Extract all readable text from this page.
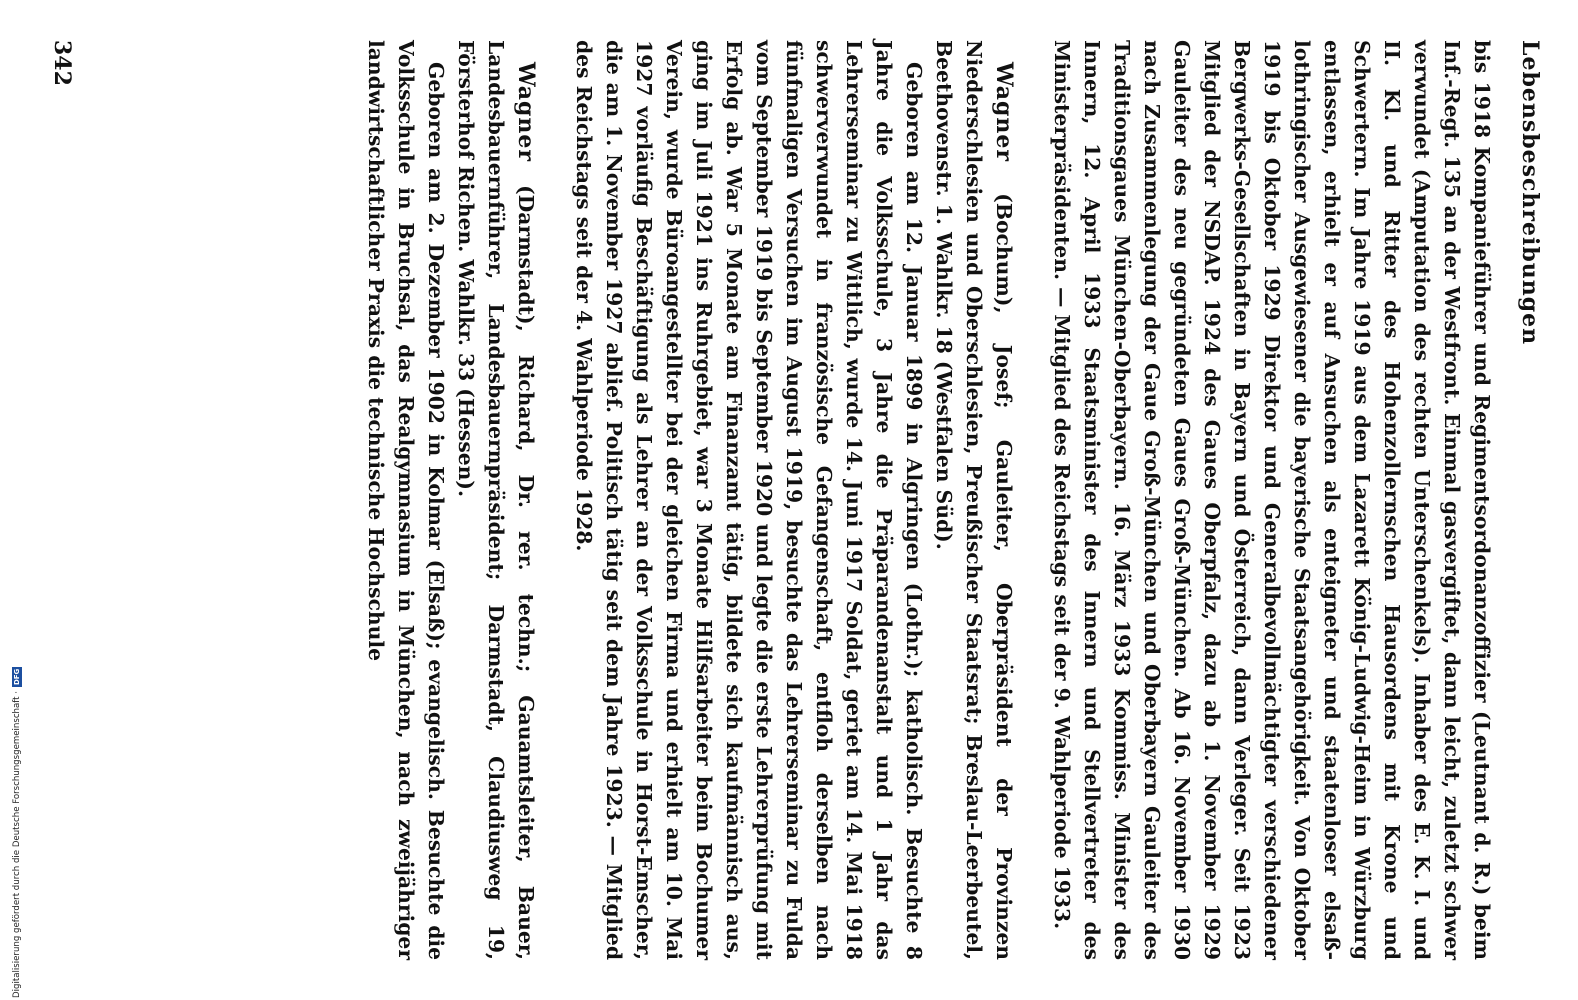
Lebensbeschreibungen

bis 1918 Kompanieführer und Regimentsordonanzoffizier (Leutnant d. R.) beim Inf.-Regt. 135 an der Westfront. Einmal gasvergiftet, dann leicht, zuletzt schwer verwundet (Amputation des rechten Unterschenkels). Inhaber des E. K. I. und II. Kl. und Ritter des Hohenzollernschen Hausordens mit Krone und Schwertern. Im Jahre 1919 aus dem Lazarett König-Ludwig-Heim in Würzburg entlassen, erhielt er auf Ansuchen als enteigneter und staatenloser elsaß-lothringischer Ausgewiesener die bayerische Staatsangehörigkeit. Von Oktober 1919 bis Oktober 1929 Direktor und Generalbevollmächtigter verschiedener Bergwerks-Gesellschaften in Bayern und Österreich, dann Verleger. Seit 1923 Mitglied der NSDAP. 1924 des Gaues Oberpfalz, dazu ab 1. November 1929 Gauleiter des neu gegründeten Gaues Groß-München. Ab 16. November 1930 nach Zusammenlegung der Gaue Groß-München und Oberbayern Gauleiter des Traditionsgaues München-Oberbayern. 16. März 1933 Kommiss. Minister des Innern, 12. April 1933 Staatsminister des Innern und Stellvertreter des Ministerpräsidenten. — Mitglied des Reichstags seit der 9. Wahlperiode 1933.

Wagner (Bochum), Josef; Gauleiter, Oberpräsident der Provinzen Niederschlesien und Oberschlesien, Preußischer Staatsrat; Breslau-Leerbeutel, Beethovenstr. 1. Wahlkr. 18 (Westfalen Süd).

Geboren am 12. Januar 1899 in Algringen (Lothr.); katholisch. Besuchte 8 Jahre die Volksschule, 3 Jahre die Präparandenanstalt und 1 Jahr das Lehrerseminar zu Wittlich, wurde 14. Juni 1917 Soldat, geriet am 14. Mai 1918 schwerverwundet in französische Gefangenschaft, entfloh derselben nach fünfmaligen Versuchen im August 1919, besuchte das Lehrerseminar zu Fulda vom September 1919 bis September 1920 und legte die erste Lehrerprüfung mit Erfolg ab. War 5 Monate am Finanzamt tätig, bildete sich kaufmännisch aus, ging im Juli 1921 ins Ruhrgebiet, war 3 Monate Hilfsarbeiter beim Bochumer Verein, wurde Büroangestellter bei der gleichen Firma und erhielt am 10. Mai 1927 vorläufig Beschäftigung als Lehrer an der Volksschule in Horst-Emscher, die am 1. November 1927 ablief. Politisch tätig seit dem Jahre 1923. — Mitglied des Reichstags seit der 4. Wahlperiode 1928.

Wagner (Darmstadt), Richard, Dr. rer. techn.; Gauamtsleiter, Bauer, Landesbauernführer, Landesbauernpräsident; Darmstadt, Claudiusweg 19, Försterhof Richen. Wahlkr. 33 (Hessen).

Geboren am 2. Dezember 1902 in Kolmar (Elsaß); evangelisch. Besuchte die Volksschule in Bruchsal, das Realgymnasium in München, nach zweijähriger landwirtschaftlicher Praxis die technische Hochschule

342
Digitalisierung gefördert durch die Deutsche Forschungsgemeinschaft ·
DFG
